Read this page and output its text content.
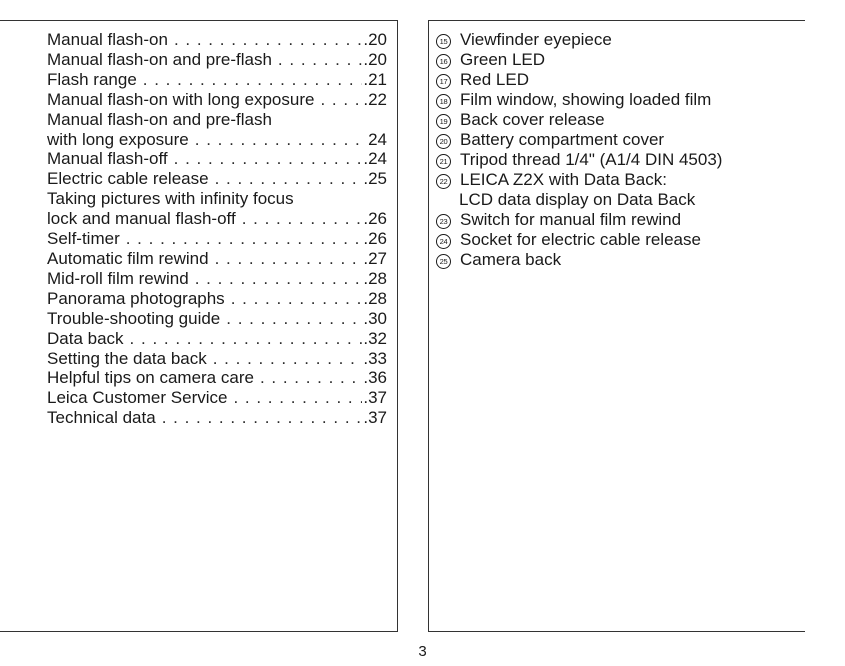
Manual flash-on . . .	.20
Manual flash-on and pre-flash . . .	.20
Flash range . . .	.21
Manual flash-on with long exposure . . .	.22
Manual flash-on and pre-flash
with long exposure . . .	24
Manual flash-off . . .	.24
Electric cable release . . .	.25
Taking pictures with infinity focus
lock and manual flash-off . . .	.26
Self-timer . . .	.26
Automatic film rewind . . .	.27
Mid-roll film rewind . . .	.28
Panorama photographs . . .	.28
Trouble-shooting guide . . .	.30
Data back . . .	.32
Setting the data back . . .	.33
Helpful tips on camera care . . .	.36
Leica Customer Service . . .	.37
Technical data . . .	.37
15 Viewfinder eyepiece
16 Green LED
17 Red LED
18 Film window, showing loaded film
19 Back cover release
20 Battery compartment cover
21 Tripod thread 1/4" (A1/4 DIN 4503)
22 LEICA Z2X with Data Back:
LCD data display on Data Back
23 Switch for manual film rewind
24 Socket for electric cable release
25 Camera back
3
